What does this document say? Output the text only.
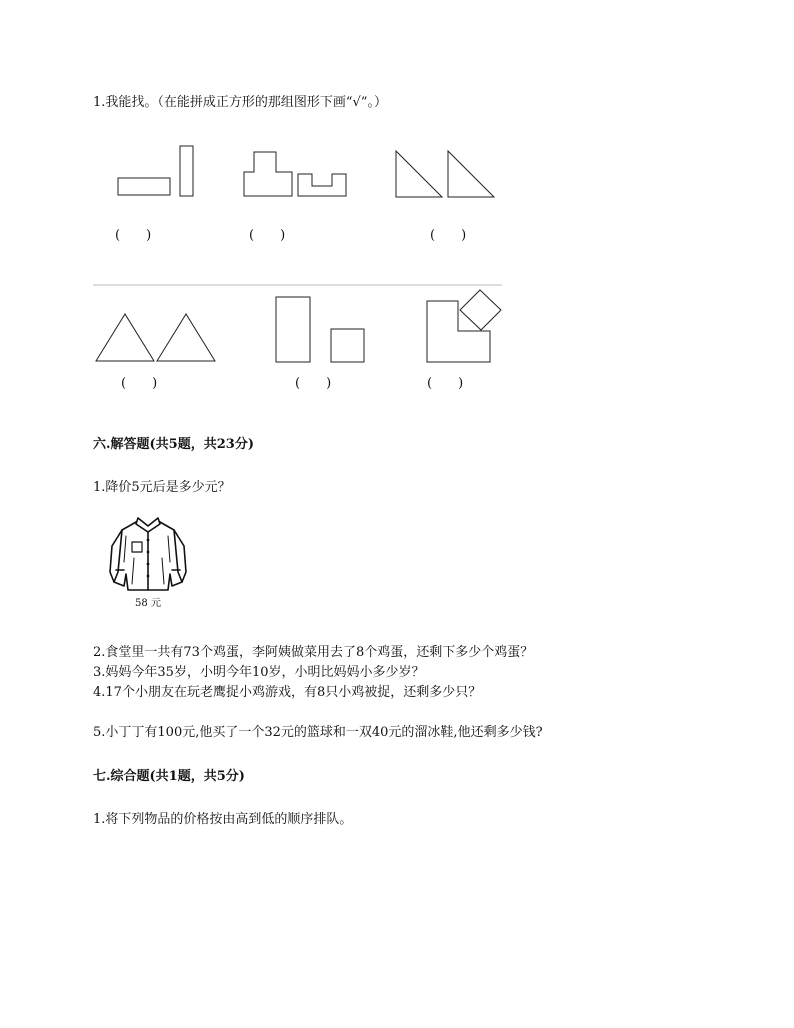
1.我能找。（在能拼成正方形的那组图形下画“√”。）
(　　)	(　　)	(　　)
(　　)	(　　)	(　　)
六.解答题(共5题，共23分)
1.降价5元后是多少元？
58 元
2.食堂里一共有73个鸡蛋，李阿姨做菜用去了8个鸡蛋，还剩下多少个鸡蛋？
3.妈妈今年35岁，小明今年10岁，小明比妈妈小多少岁？
4.17个小朋友在玩老鹰捉小鸡游戏，有8只小鸡被捉，还剩多少只？
5.小丁丁有100元,他买了一个32元的篮球和一双40元的溜冰鞋,他还剩多少钱?
七.综合题(共1题，共5分)
1.将下列物品的价格按由高到低的顺序排队。
